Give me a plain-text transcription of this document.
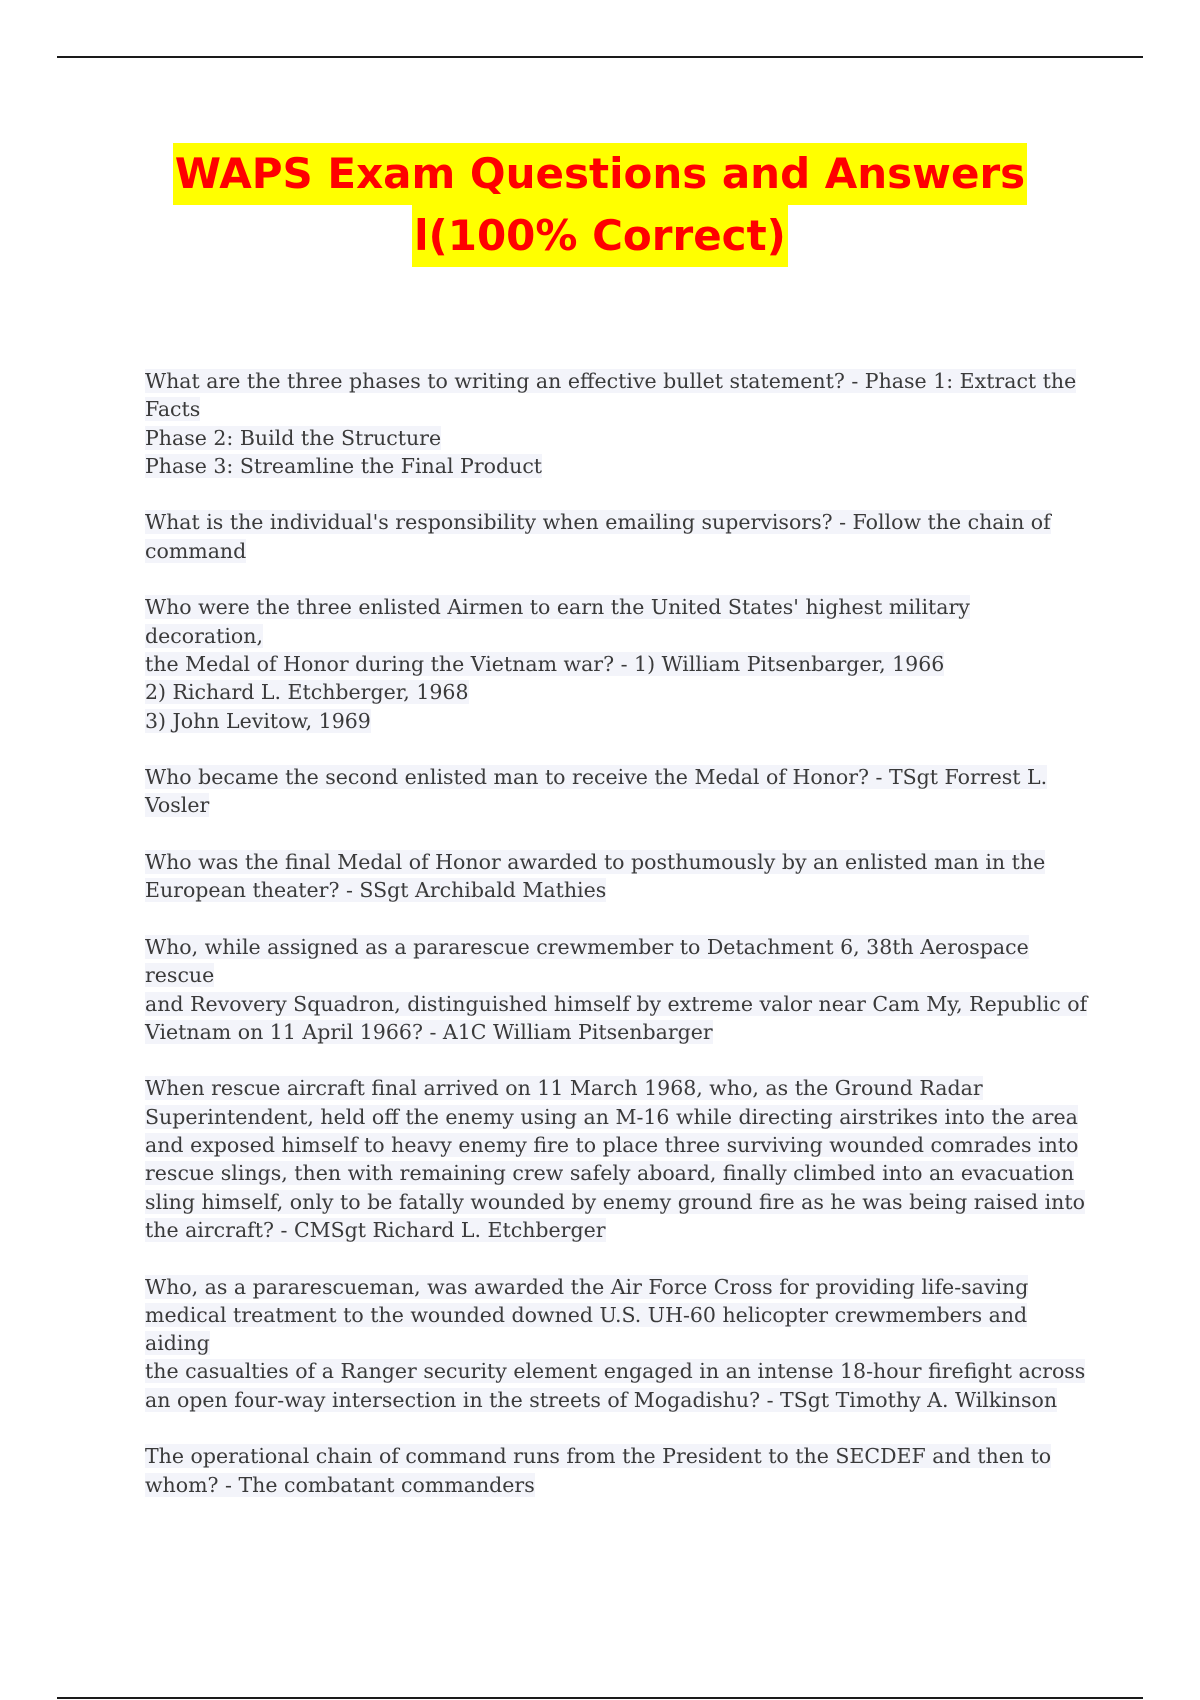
WAPS Exam Questions and Answers
l(100% Correct)

What are the three phases to writing an effective bullet statement? - Phase 1: Extract the
Facts
Phase 2: Build the Structure
Phase 3: Streamline the Final Product

What is the individual's responsibility when emailing supervisors? - Follow the chain of
command

Who were the three enlisted Airmen to earn the United States' highest military decoration,
the Medal of Honor during the Vietnam war? - 1) William Pitsenbarger, 1966
2) Richard L. Etchberger, 1968
3) John Levitow, 1969

Who became the second enlisted man to receive the Medal of Honor? - TSgt Forrest L.
Vosler

Who was the final Medal of Honor awarded to posthumously by an enlisted man in the
European theater? - SSgt Archibald Mathies

Who, while assigned as a pararescue crewmember to Detachment 6, 38th Aerospace rescue
and Revovery Squadron, distinguished himself by extreme valor near Cam My, Republic of
Vietnam on 11 April 1966? - A1C William Pitsenbarger

When rescue aircraft final arrived on 11 March 1968, who, as the Ground Radar
Superintendent, held off the enemy using an M-16 while directing airstrikes into the area
and exposed himself to heavy enemy fire to place three surviving wounded comrades into
rescue slings, then with remaining crew safely aboard, finally climbed into an evacuation
sling himself, only to be fatally wounded by enemy ground fire as he was being raised into
the aircraft? - CMSgt Richard L. Etchberger

Who, as a pararescueman, was awarded the Air Force Cross for providing life-saving
medical treatment to the wounded downed U.S. UH-60 helicopter crewmembers and aiding
the casualties of a Ranger security element engaged in an intense 18-hour firefight across
an open four-way intersection in the streets of Mogadishu? - TSgt Timothy A. Wilkinson

The operational chain of command runs from the President to the SECDEF and then to
whom? - The combatant commanders
